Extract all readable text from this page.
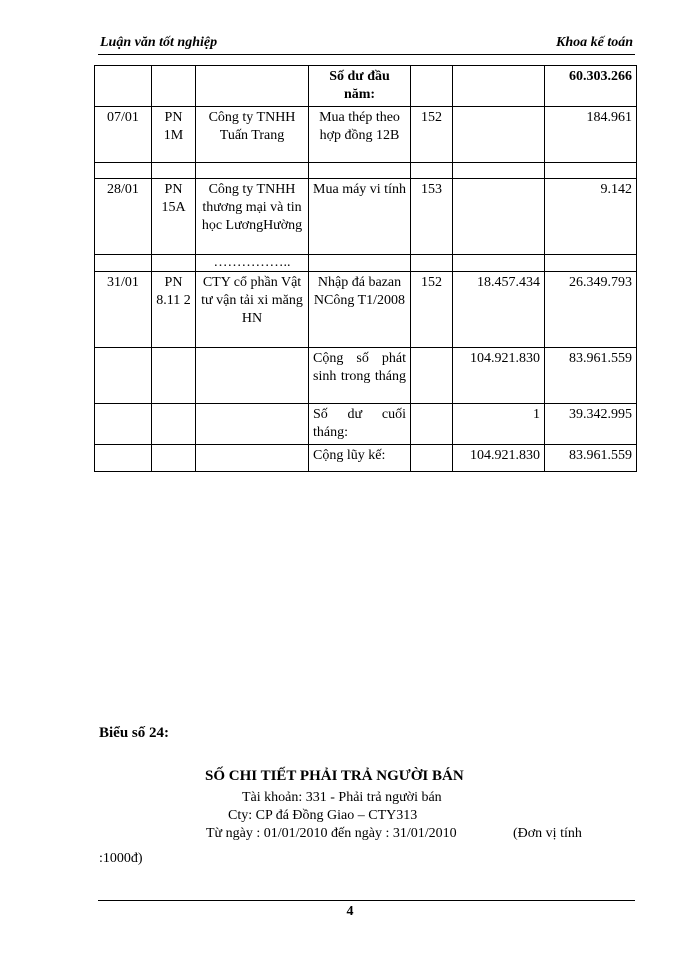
Luận văn tốt nghiệp	Khoa kế toán
			Số dư đầu năm:			60.303.266
07/01	PN 1M	Công ty TNHH Tuấn Trang	Mua thép theo hợp đồng 12B	152		184.961

28/01	PN 15A	Công ty TNHH thương mại và tin học LươngHường	Mua máy vi tính	153		9.142
		……………..				
31/01	PN 8.11 2	CTY cổ phần Vật tư vận tải xi măng HN	Nhập đá bazan NCông T1/2008	152	18.457.434	26.349.793
			Cộng số phát sinh trong tháng		104.921.830	83.961.559
			Số dư cuối tháng:		1	39.342.995
			Cộng lũy kế:		104.921.830	83.961.559
Biểu số 24:
SỐ CHI TIẾT PHẢI TRẢ NGƯỜI BÁN
Tài khoản: 331 - Phải trả người bán
Cty: CP đá Đồng Giao – CTY313
Từ ngày : 01/01/2010 đến ngày : 31/01/2010	(Đơn vị tính
:1000đ)
4
